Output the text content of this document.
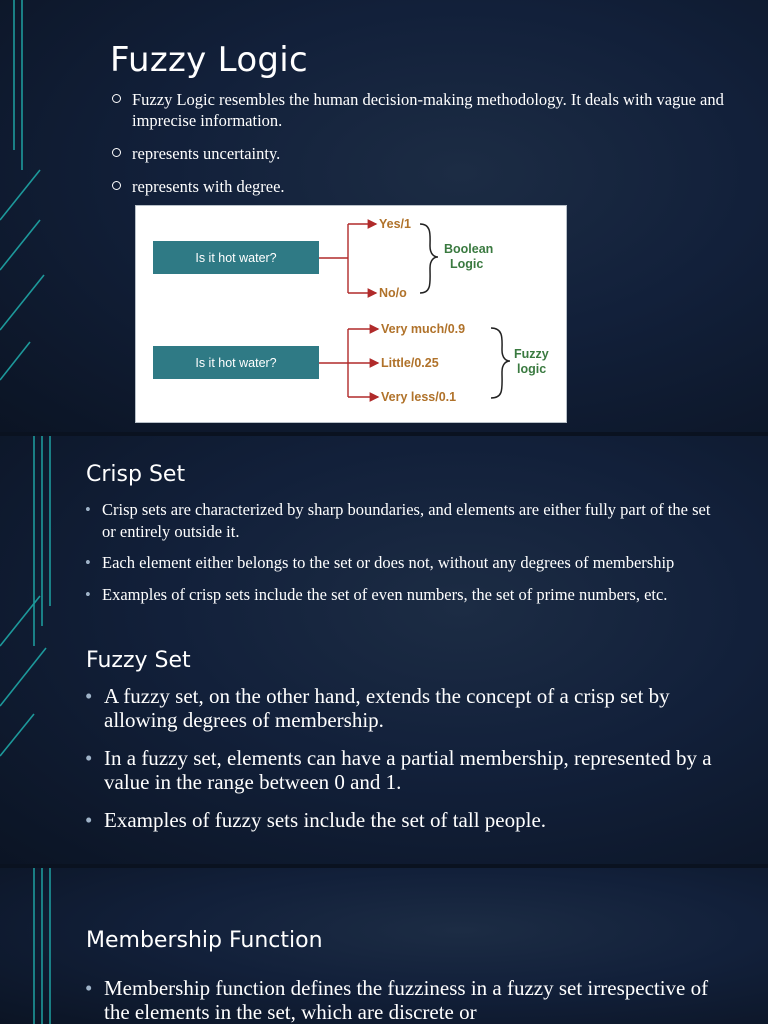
Fuzzy Logic
Fuzzy Logic resembles the human decision-making methodology. It deals with vague and imprecise information.
represents uncertainty.
represents with degree.
Is it hot water?
Yes/1
No/o
Boolean
Logic
Is it hot water?
Very much/0.9
Little/0.25
Very less/0.1
Fuzzy
logic
Crisp Set
• Crisp sets are characterized by sharp boundaries, and elements are either fully part of the set or entirely outside it.
• Each element either belongs to the set or does not, without any degrees of membership
• Examples of crisp sets include the set of even numbers, the set of prime numbers, etc.
Fuzzy Set
• A fuzzy set, on the other hand, extends the concept of a crisp set by allowing degrees of membership.
• In a fuzzy set, elements can have a partial membership, represented by a value in the range between 0 and 1.
• Examples of fuzzy sets include the set of tall people.
Membership Function
• Membership function defines the fuzziness in a fuzzy set irrespective of the elements in the set, which are discrete or
